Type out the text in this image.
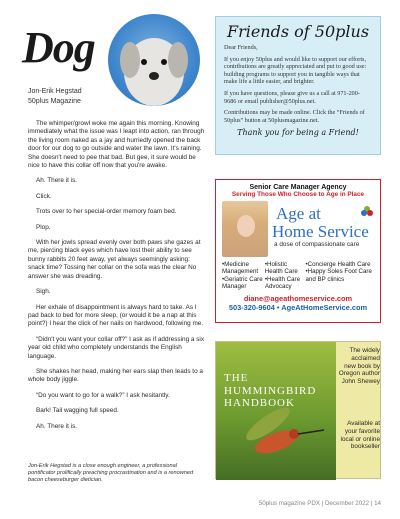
Dog
Jon-Erik Hegstad
50plus Magazine

The whimper/growl woke me again this morning. Knowing immediately what the issue was I leapt into action, ran through the living room naked as a jay and hurriedly opened the back door for our dog to go outside and water the lawn. It's raining. She doesn't need to pee that bad. But gee, it sure would be nice to have this collar off now that you're awake.

Ah. There it is.

Click.

Trots over to her special-order memory foam bed.

Plop.

With her jowls spread evenly over both paws she gazes at me, piercing black eyes which have lost their ability to see bunny rabbits 20 feet away, yet always seemingly asking: snack time? Tossing her collar on the sofa was the clear No answer she was dreading.

Sigh.

Her exhale of disappointment is always hard to take. As I pad back to bed for more sleep, (or would it be a nap at this point?) I hear the click of her nails on hardwood, following me.

“Didn't you want your collar off?” I ask as if addressing a six year old child who completely understands the English language.

She shakes her head, making her ears slap then leads to a whole body jiggle.

“Do you want to go for a walk?” I ask hesitantly.

Bark! Tail wagging full speed.

Ah. There it is.

Jon-Erik Hegstad is a close enough engineer, a professional pontificator prolifically preaching procrastination and is a renowned bacon cheeseburger dietician.
Friends of 50plus

Dear Friends,

If you enjoy 50plus and would like to support our efforts, contributions are greatly appreciated and put to good use: building programs to support you in tangible ways that make life a little easier, and brighter.

If you have questions, please give us a call at 971-200-9686 or email publisher@50plus.net.

Contributions may be made online. Click the “Friends of 50plus” button at 50plusmagazine.net.

Thank you for being a Friend!
Senior Care Manager Agency
Serving Those Who Choose to Age in Place
Age at
Home Service
a dose of compassionate care
• Medicine Management
• Geriatric Care Manager
• Holistic Health Care
• Health Care Advocacy
• Concierge Health Care
• Happy Soles Foot Care and BP clinics
diane@ageathomeservice.com
503-320-9604 • AgeAtHomeService.com
THE
HUMMINGBIRD HANDBOOK
The widely acclaimed new book by Oregon author John Shewey
Available at your favorite local or online bookseller
50plus magazine PDX | December 2022 | 14
